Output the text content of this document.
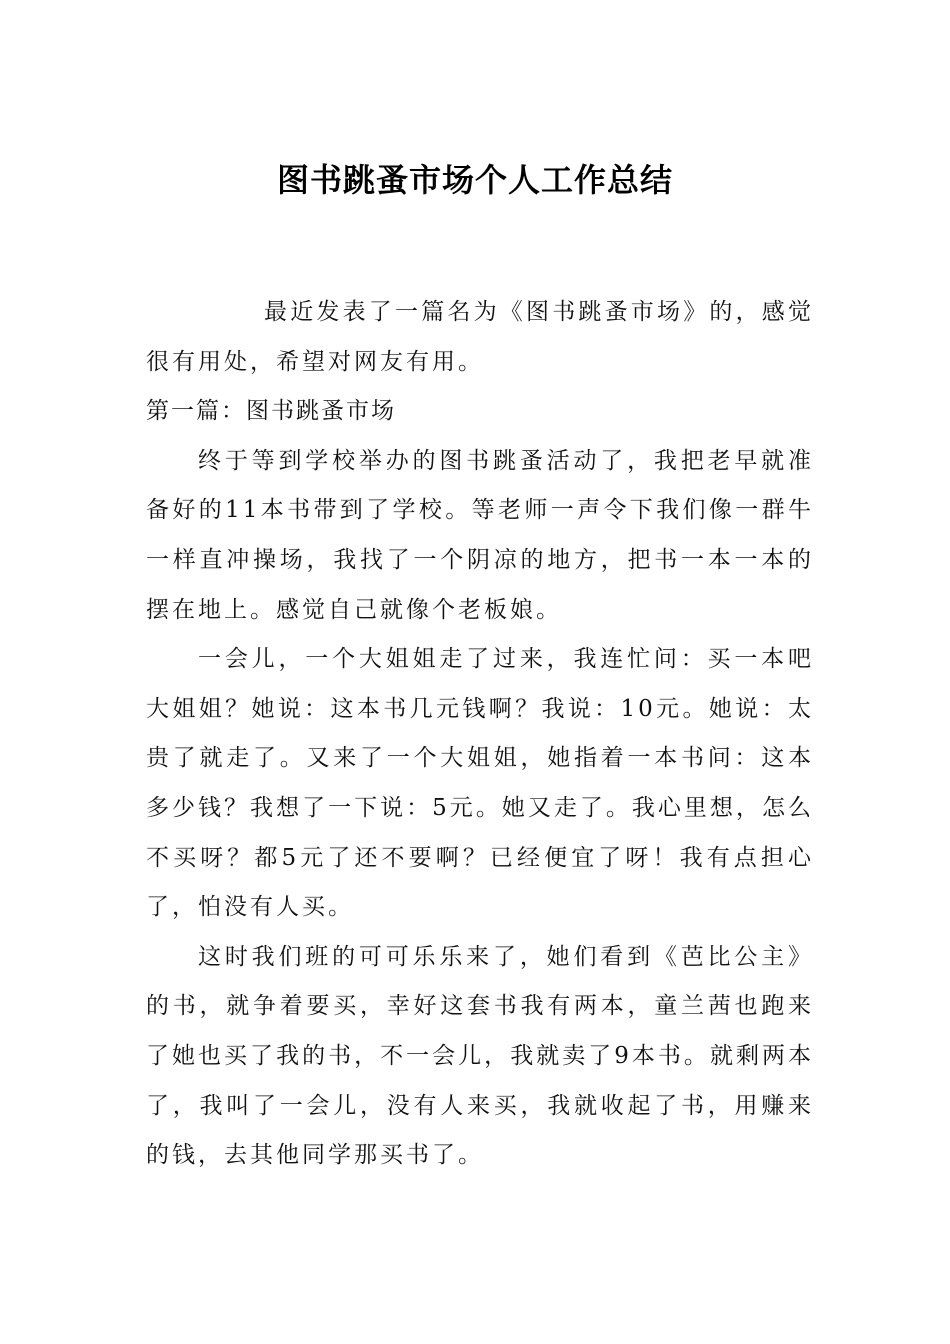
图书跳蚤市场个人工作总结

最近发表了一篇名为《图书跳蚤市场》的，感觉很有用处，希望对网友有用。

第一篇：图书跳蚤市场

终于等到学校举办的图书跳蚤活动了，我把老早就准备好的11本书带到了学校。等老师一声令下我们像一群牛一样直冲操场，我找了一个阴凉的地方，把书一本一本的摆在地上。感觉自己就像个老板娘。

一会儿，一个大姐姐走了过来，我连忙问：买一本吧大姐姐？她说：这本书几元钱啊？我说：10元。她说：太贵了就走了。又来了一个大姐姐，她指着一本书问：这本多少钱？我想了一下说：5元。她又走了。我心里想，怎么不买呀？都5元了还不要啊？已经便宜了呀！我有点担心了，怕没有人买。

这时我们班的可可乐乐来了，她们看到《芭比公主》的书，就争着要买，幸好这套书我有两本，童兰茜也跑来了她也买了我的书，不一会儿，我就卖了9本书。就剩两本了，我叫了一会儿，没有人来买，我就收起了书，用赚来的钱，去其他同学那买书了。
